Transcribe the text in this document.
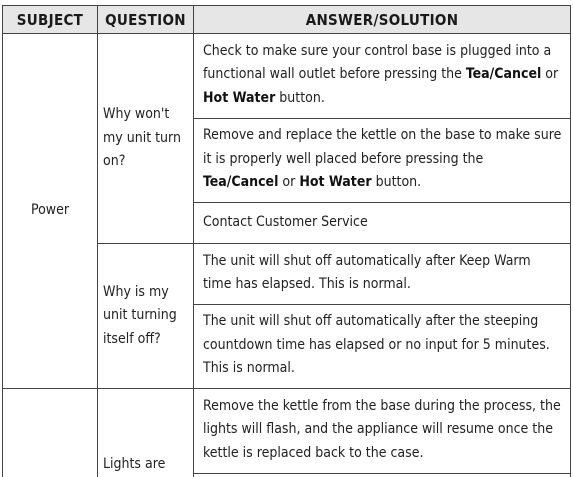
SUBJECT	QUESTION	ANSWER/SOLUTION
Power	Why won't my unit turn on?	Check to make sure your control base is plugged into a functional wall outlet before pressing the Tea/Cancel or Hot Water button.
		Remove and replace the kettle on the base to make sure it is properly well placed before pressing the Tea/Cancel or Hot Water button.
		Contact Customer Service
	Why is my unit turning itself off?	The unit will shut off automatically after Keep Warm time has elapsed. This is normal.
		The unit will shut off automatically after the steeping countdown time has elapsed or no input for 5 minutes. This is normal.
	Lights are	Remove the kettle from the base during the process, the lights will flash, and the appliance will resume once the kettle is replaced back to the case.
